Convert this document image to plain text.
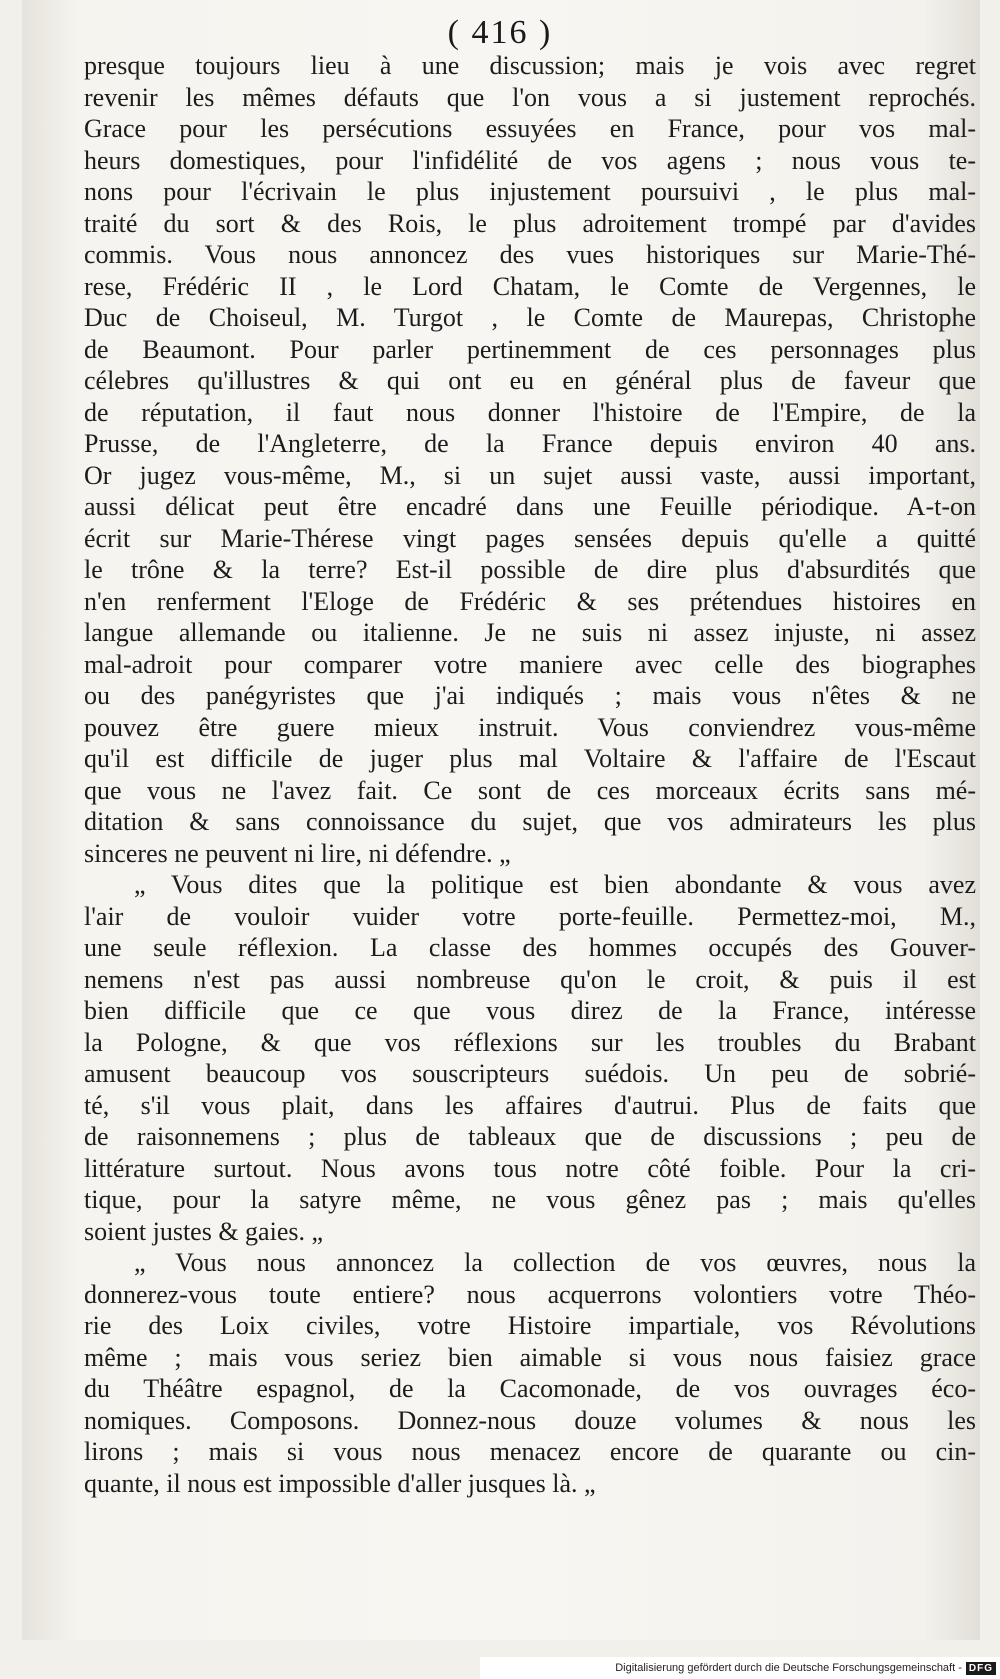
( 416 )
presque toujours lieu à une discussion; mais je vois avec regret
revenir les mêmes défauts que l'on vous a si justement reprochés.
Grace pour les persécutions essuyées en France, pour vos mal-
heurs domestiques, pour l'infidélité de vos agens ; nous vous te-
nons pour l'écrivain le plus injustement poursuivi , le plus mal-
traité du sort & des Rois, le plus adroitement trompé par d'avides
commis. Vous nous annoncez des vues historiques sur Marie-Thé-
rese, Frédéric II , le Lord Chatam, le Comte de Vergennes, le
Duc de Choiseul, M. Turgot , le Comte de Maurepas, Christophe
de Beaumont. Pour parler pertinemment de ces personnages plus
célebres qu'illustres & qui ont eu en général plus de faveur que
de réputation, il faut nous donner l'histoire de l'Empire, de la
Prusse, de l'Angleterre, de la France depuis environ 40 ans.
Or jugez vous-même, M., si un sujet aussi vaste, aussi important,
aussi délicat peut être encadré dans une Feuille périodique. A-t-on
écrit sur Marie-Thérese vingt pages sensées depuis qu'elle a quitté
le trône & la terre? Est-il possible de dire plus d'absurdités que
n'en renferment l'Eloge de Frédéric & ses prétendues histoires en
langue allemande ou italienne. Je ne suis ni assez injuste, ni assez
mal-adroit pour comparer votre maniere avec celle des biographes
ou des panégyristes que j'ai indiqués ; mais vous n'êtes & ne
pouvez être guere mieux instruit. Vous conviendrez vous-même
qu'il est difficile de juger plus mal Voltaire & l'affaire de l'Escaut
que vous ne l'avez fait. Ce sont de ces morceaux écrits sans mé-
ditation & sans connoissance du sujet, que vos admirateurs les plus
sinceres ne peuvent ni lire, ni défendre. „
„ Vous dites que la politique est bien abondante & vous avez
l'air de vouloir vuider votre porte-feuille. Permettez-moi, M.,
une seule réflexion. La classe des hommes occupés des Gouver-
nemens n'est pas aussi nombreuse qu'on le croit, & puis il est
bien difficile que ce que vous direz de la France, intéresse
la Pologne, & que vos réflexions sur les troubles du Brabant
amusent beaucoup vos souscripteurs suédois. Un peu de sobrié-
té, s'il vous plait, dans les affaires d'autrui. Plus de faits que
de raisonnemens ; plus de tableaux que de discussions ; peu de
littérature surtout. Nous avons tous notre côté foible. Pour la cri-
tique, pour la satyre même, ne vous gênez pas ; mais qu'elles
soient justes & gaies. „
„ Vous nous annoncez la collection de vos œuvres, nous la
donnerez-vous toute entiere? nous acquerrons volontiers votre Théo-
rie des Loix civiles, votre Histoire impartiale, vos Révolutions
même ; mais vous seriez bien aimable si vous nous faisiez grace
du Théâtre espagnol, de la Cacomonade, de vos ouvrages éco-
nomiques. Composons. Donnez-nous douze volumes & nous les
lirons ; mais si vous nous menacez encore de quarante ou cin-
quante, il nous est impossible d'aller jusques là. „
Digitalisierung gefördert durch die Deutsche Forschungsgemeinschaft - DFG
